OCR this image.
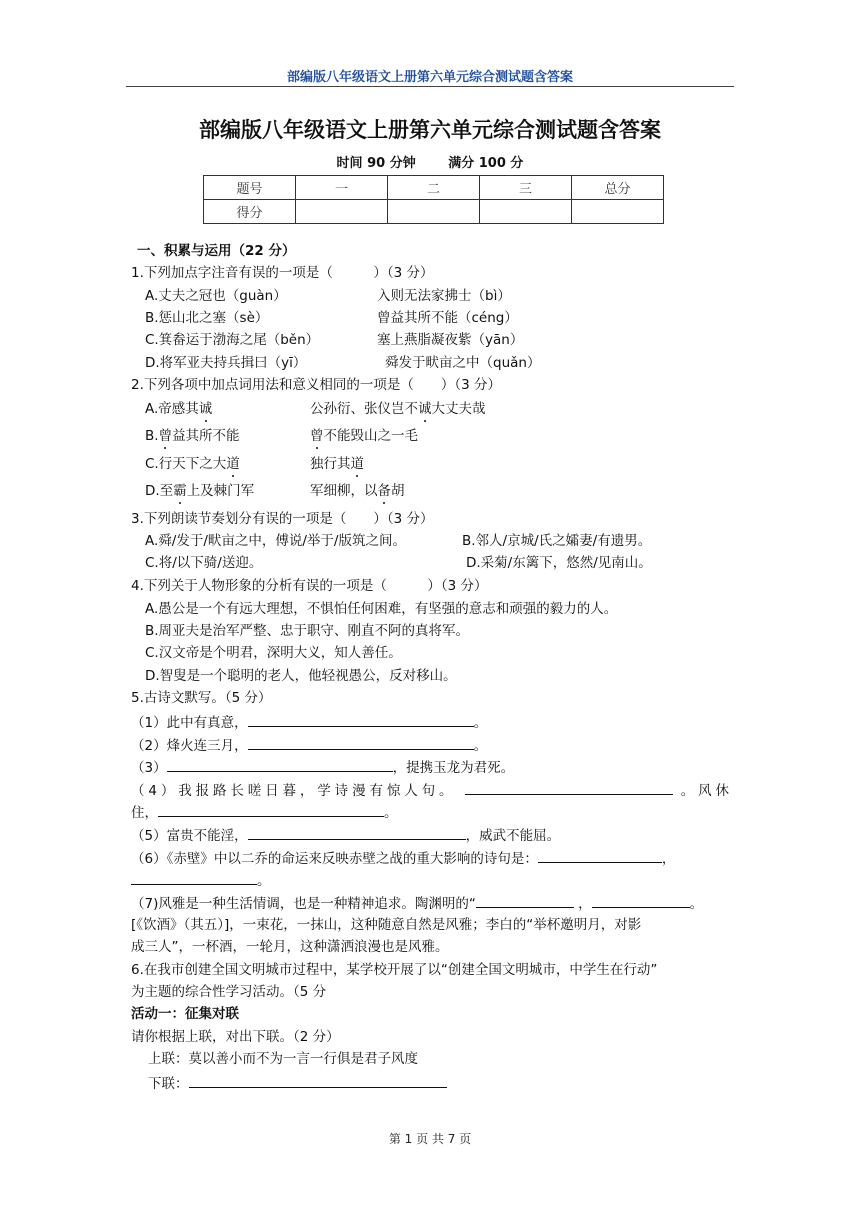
部编版八年级语文上册第六单元综合测试题含答案
部编版八年级语文上册第六单元综合测试题含答案
时间 90 分钟	满分 100 分
题号	一	二	三	总分
得分				
一、积累与运用（22 分）
1.下列加点字注音有误的一项是（　　　）（3 分）
A.丈夫之冠也（guàn）	入则无法家拂士（bì）
B.惩山北之塞（sè）	曾益其所不能（céng）
C.箕畚运于渤海之尾（běn）	塞上燕脂凝夜紫（yān）
D.将军亚夫持兵揖曰（yī）	舜发于畎亩之中（quǎn）
2.下列各项中加点词用法和意义相同的一项是（　　）（3 分）
A.帝感其诚	公孙衍、张仪岂不诚大丈夫哉
B.曾益其所不能	曾不能毁山之一毛
C.行天下之大道	独行其道
D.至霸上及棘门军	军细柳，以备胡
3.下列朗读节奏划分有误的一项是（　　）（3 分）
A.舜/发于/畎亩之中，傅说/举于/版筑之间。	B.邻人/京城/氏之孀妻/有遗男。
C.将/以下骑/送迎。	D.采菊/东篱下，悠然/见南山。
4.下列关于人物形象的分析有误的一项是（　　　）（3 分）
A.愚公是一个有远大理想，不惧怕任何困难，有坚强的意志和顽强的毅力的人。
B.周亚夫是治军严整、忠于职守、刚直不阿的真将军。
C.汉文帝是个明君，深明大义，知人善任。
D.智叟是一个聪明的老人，他轻视愚公，反对移山。
5.古诗文默写。（5 分）
（1）此中有真意，	。
（2）烽火连三月，	。
（3）	，提携玉龙为君死。
（4）我报路长嗟日暮，学诗漫有惊人句。	。风休
住，	。
（5）富贵不能淫，	，威武不能屈。
（6）《赤壁》中以二乔的命运来反映赤壁之战的重大影响的诗句是：	，
。
（7)风雅是一种生活情调，也是一种精神追求。陶渊明的“	，	。
[《饮酒》（其五）]，一束花，一抹山，这种随意自然是风雅；李白的“举杯邀明月，对影
成三人”，一杯酒，一轮月，这种潇洒浪漫也是风雅。
6.在我市创建全国文明城市过程中，某学校开展了以“创建全国文明城市，中学生在行动”
为主题的综合性学习活动。（5 分
活动一：征集对联
请你根据上联，对出下联。（2 分）
上联：莫以善小而不为一言一行俱是君子风度
下联：
第 1 页 共 7 页
